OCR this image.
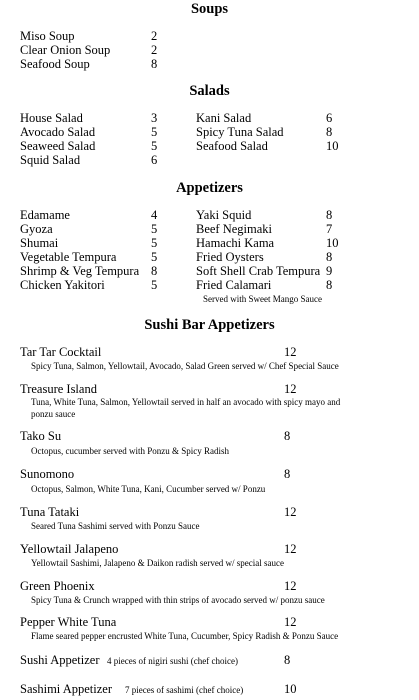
Soups
Miso Soup	2
Clear Onion Soup	2
Seafood Soup	8
Salads
House Salad	3
Avocado Salad	5
Seaweed Salad	5
Squid Salad	6
Kani Salad	6
Spicy Tuna Salad	8
Seafood Salad	10
Appetizers
Edamame	4
Gyoza	5
Shumai	5
Vegetable Tempura	5
Shrimp & Veg Tempura 8
Chicken Yakitori	5
Yaki Squid	8
Beef Negimaki	7
Hamachi Kama	10
Fried Oysters	8
Soft Shell Crab Tempura 9
Fried Calamari	8
Served with Sweet Mango Sauce
Sushi Bar Appetizers
Tar Tar Cocktail	12
Spicy Tuna, Salmon, Yellowtail, Avocado, Salad Green served w/ Chef Special Sauce
Treasure Island	12
Tuna, White Tuna, Salmon, Yellowtail served in half an avocado with spicy mayo and
ponzu sauce
Tako Su	8
Octopus, cucumber served with Ponzu & Spicy Radish
Sunomono	8
Octopus, Salmon, White Tuna, Kani, Cucumber served w/ Ponzu
Tuna Tataki	12
Seared Tuna Sashimi served with Ponzu Sauce
Yellowtail Jalapeno	12
Yellowtail Sashimi, Jalapeno & Daikon radish served w/ special sauce
Green Phoenix	12
Spicy Tuna & Crunch wrapped with thin strips of avocado served w/ ponzu sauce
Pepper White Tuna	12
Flame seared pepper encrusted White Tuna, Cucumber, Spicy Radish & Ponzu Sauce
Sushi Appetizer 4 pieces of nigiri sushi (chef choice)	8
Sashimi Appetizer 7 pieces of sashimi (chef choice)	10
